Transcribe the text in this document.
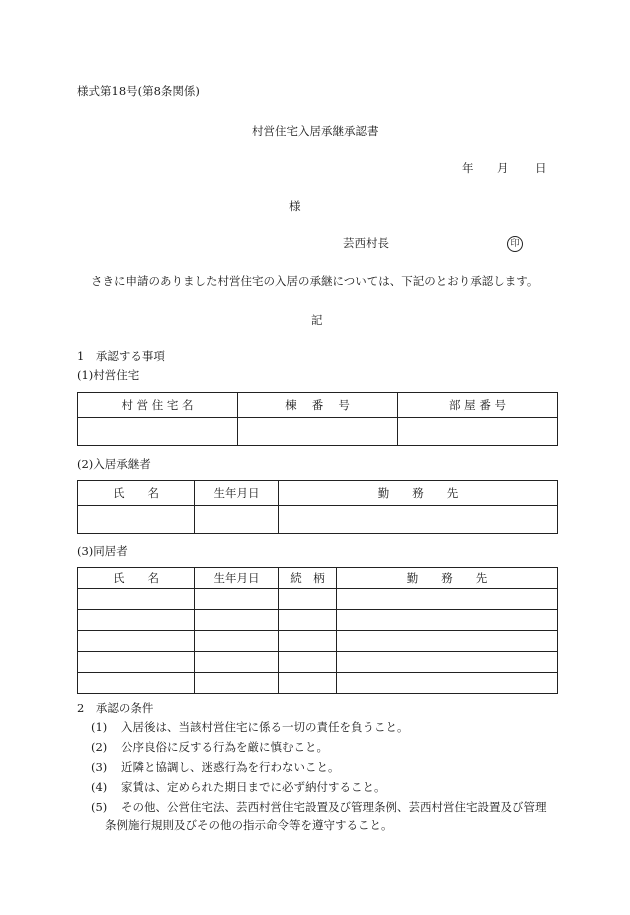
様式第18号(第8条関係)
村営住宅入居承継承認書
年 月 日
様
芸西村長	印
さきに申請のありました村営住宅の入居の承継については、下記のとおり承認します。
記
1　承認する事項
(1)村営住宅
村 営 住 宅 名	棟　 番　 号	部 屋 番 号

(2)入居承継者
氏　　名	生年月日	勤　　務　　先

(3)同居者
氏　　名	生年月日	続　柄	勤　　務　　先

2　承認の条件
(1) 入居後は、当該村営住宅に係る一切の責任を負うこと。
(2) 公序良俗に反する行為を厳に慎むこと。
(3) 近隣と協調し、迷惑行為を行わないこと。
(4) 家賃は、定められた期日までに必ず納付すること。
(5) その他、公営住宅法、芸西村営住宅設置及び管理条例、芸西村営住宅設置及び管理
条例施行規則及びその他の指示命令等を遵守すること。
